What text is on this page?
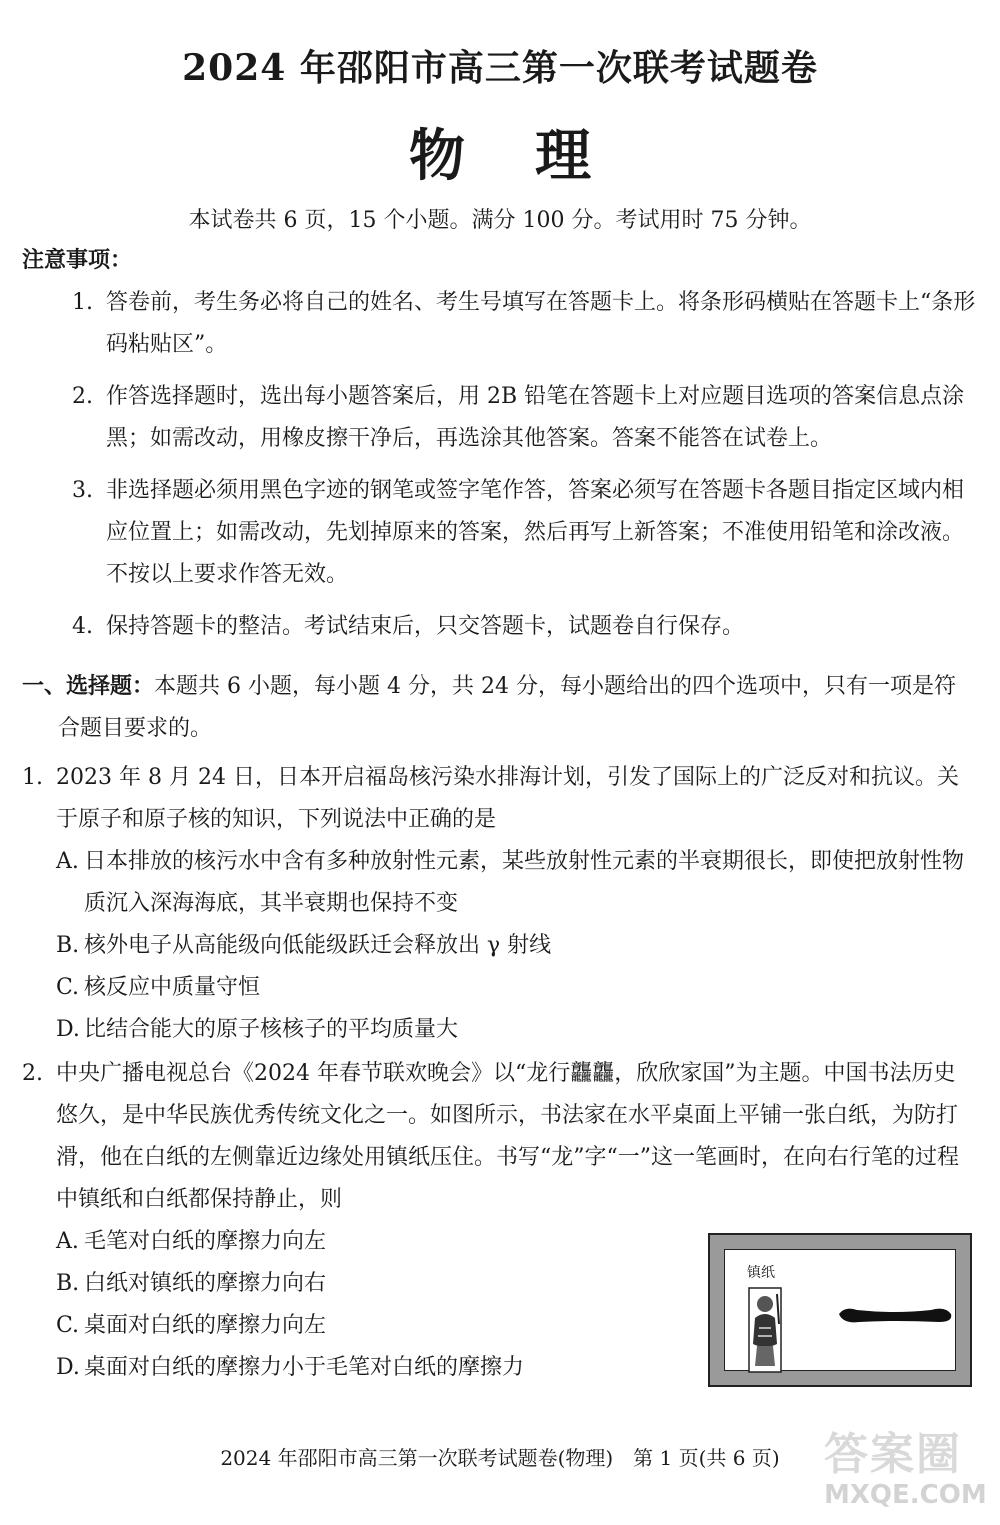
2024 年邵阳市高三第一次联考试题卷
物理

本试卷共 6 页，15 个小题。满分 100 分。考试用时 75 分钟。

注意事项：

1. 答卷前，考生务必将自己的姓名、考生号填写在答题卡上。将条形码横贴在答题卡上“条形码粘贴区”。
2. 作答选择题时，选出每小题答案后，用 2B 铅笔在答题卡上对应题目选项的答案信息点涂黑；如需改动，用橡皮擦干净后，再选涂其他答案。答案不能答在试卷上。
3. 非选择题必须用黑色字迹的钢笔或签字笔作答，答案必须写在答题卡各题目指定区域内相应位置上；如需改动，先划掉原来的答案，然后再写上新答案；不准使用铅笔和涂改液。不按以上要求作答无效。
4. 保持答题卡的整洁。考试结束后，只交答题卡，试题卷自行保存。
一、选择题：本题共 6 小题，每小题 4 分，共 24 分，每小题给出的四个选项中，只有一项是符
合题目要求的。
1. 2023 年 8 月 24 日，日本开启福岛核污染水排海计划，引发了国际上的广泛反对和抗议。关于原子和原子核的知识，下列说法中正确的是
A. 日本排放的核污水中含有多种放射性元素，某些放射性元素的半衰期很长，即使把放射性物质沉入深海海底，其半衰期也保持不变
B. 核外电子从高能级向低能级跃迁会释放出 γ 射线
C. 核反应中质量守恒
D. 比结合能大的原子核核子的平均质量大
2. 中央广播电视总台《2024 年春节联欢晚会》以“龙行龘龘，欣欣家国”为主题。中国书法历史悠久，是中华民族优秀传统文化之一。如图所示，书法家在水平桌面上平铺一张白纸，为防打滑，他在白纸的左侧靠近边缘处用镇纸压住。书写“龙”字“一”这一笔画时，在向右行笔的过程中镇纸和白纸都保持静止，则
A. 毛笔对白纸的摩擦力向左
B. 白纸对镇纸的摩擦力向右
C. 桌面对白纸的摩擦力向左
D. 桌面对白纸的摩擦力小于毛笔对白纸的摩擦力
镇纸

2024 年邵阳市高三第一次联考试题卷(物理)　第 1 页(共 6 页)	答案圈
MXQE.COM
